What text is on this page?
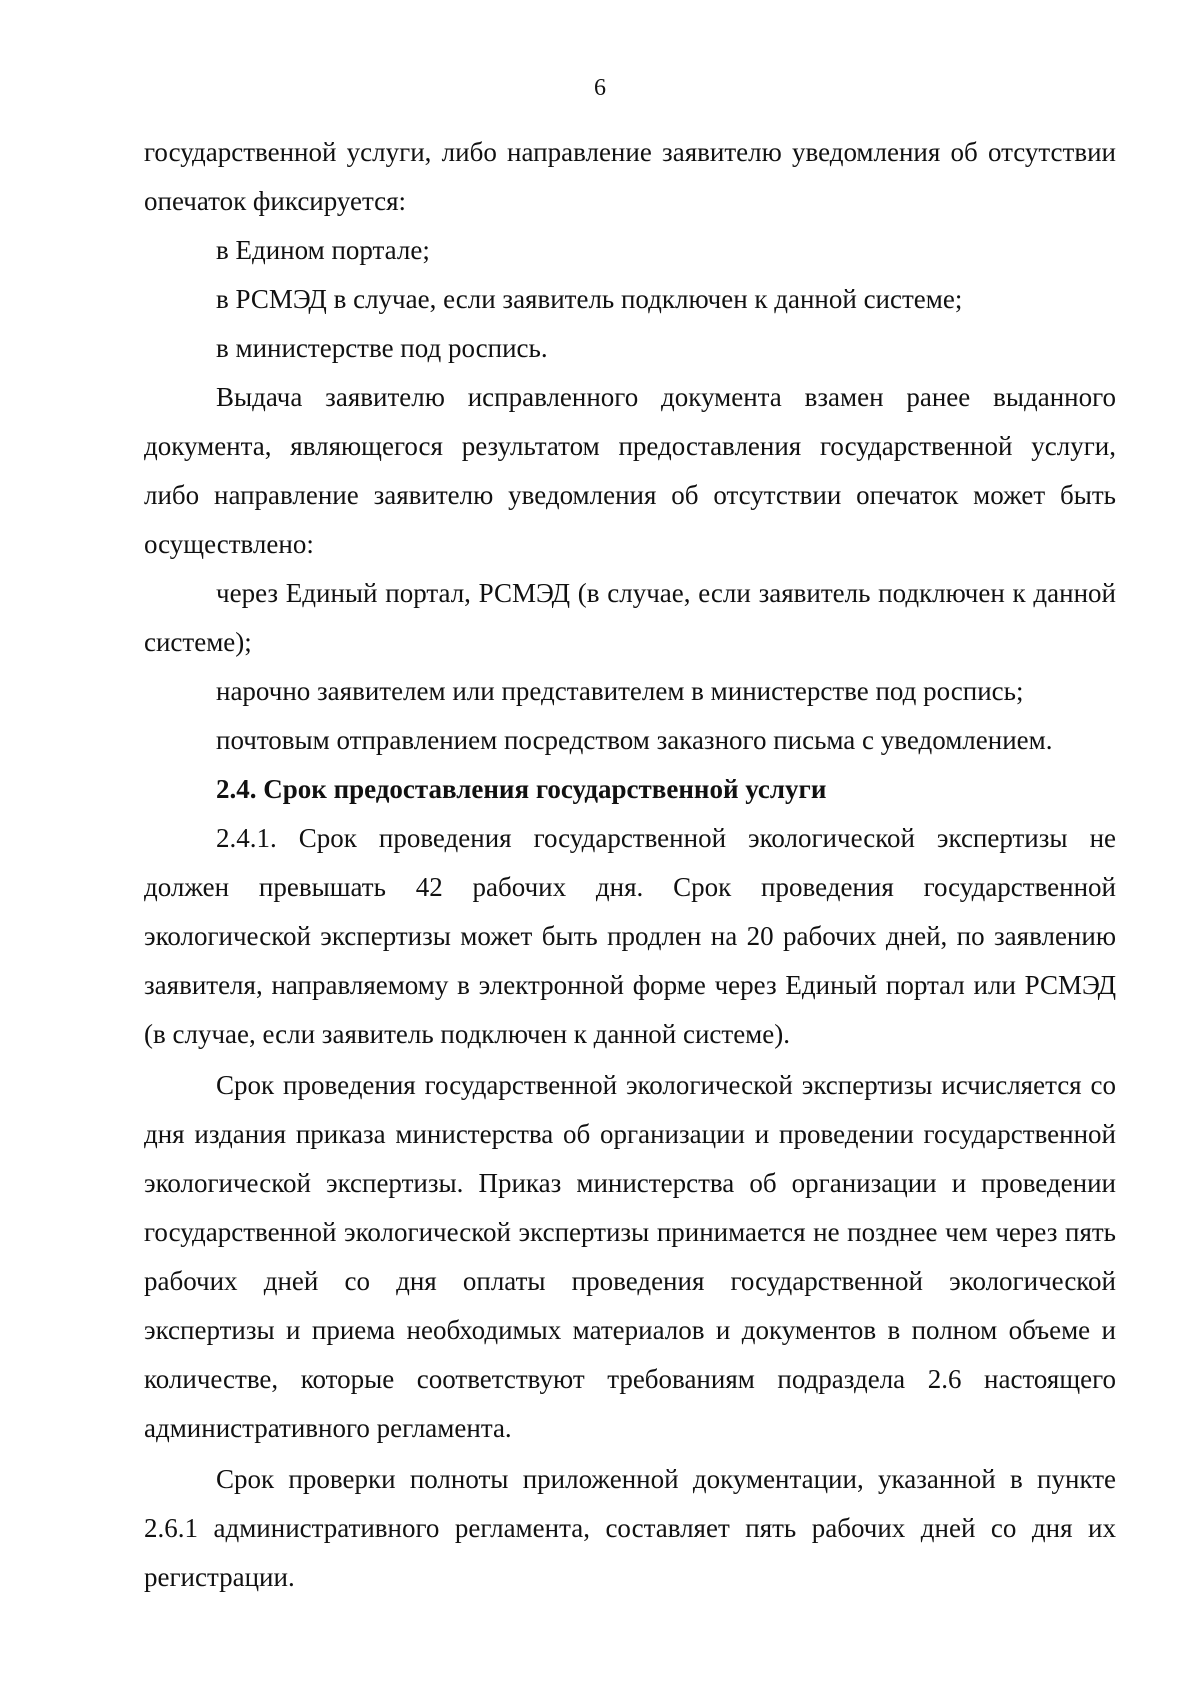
6

государственной услуги, либо направление заявителю уведомления об отсутствии опечаток фиксируется:

в Едином портале;

в РСМЭД в случае, если заявитель подключен к данной системе;

в министерстве под роспись.

Выдача заявителю исправленного документа взамен ранее выданного документа, являющегося результатом предоставления государственной услуги, либо направление заявителю уведомления об отсутствии опечаток может быть осуществлено:

через Единый портал, РСМЭД (в случае, если заявитель подключен к данной системе);

нарочно заявителем или представителем в министерстве под роспись;

почтовым отправлением посредством заказного письма с уведомлением.

2.4. Срок предоставления государственной услуги

2.4.1. Срок проведения государственной экологической экспертизы не должен превышать 42 рабочих дня. Срок проведения государственной экологической экспертизы может быть продлен на 20 рабочих дней, по заявлению заявителя, направляемому в электронной форме через Единый портал или РСМЭД (в случае, если заявитель подключен к данной системе).

Срок проведения государственной экологической экспертизы исчисляется со дня издания приказа министерства об организации и проведении государственной экологической экспертизы. Приказ министерства об организации и проведении государственной экологической экспертизы принимается не позднее чем через пять рабочих дней со дня оплаты проведения государственной экологической экспертизы и приема необходимых материалов и документов в полном объеме и количестве, которые соответствуют требованиям подраздела 2.6 настоящего административного регламента.

Срок проверки полноты приложенной документации, указанной в пункте 2.6.1 административного регламента, составляет пять рабочих дней со дня их регистрации.
